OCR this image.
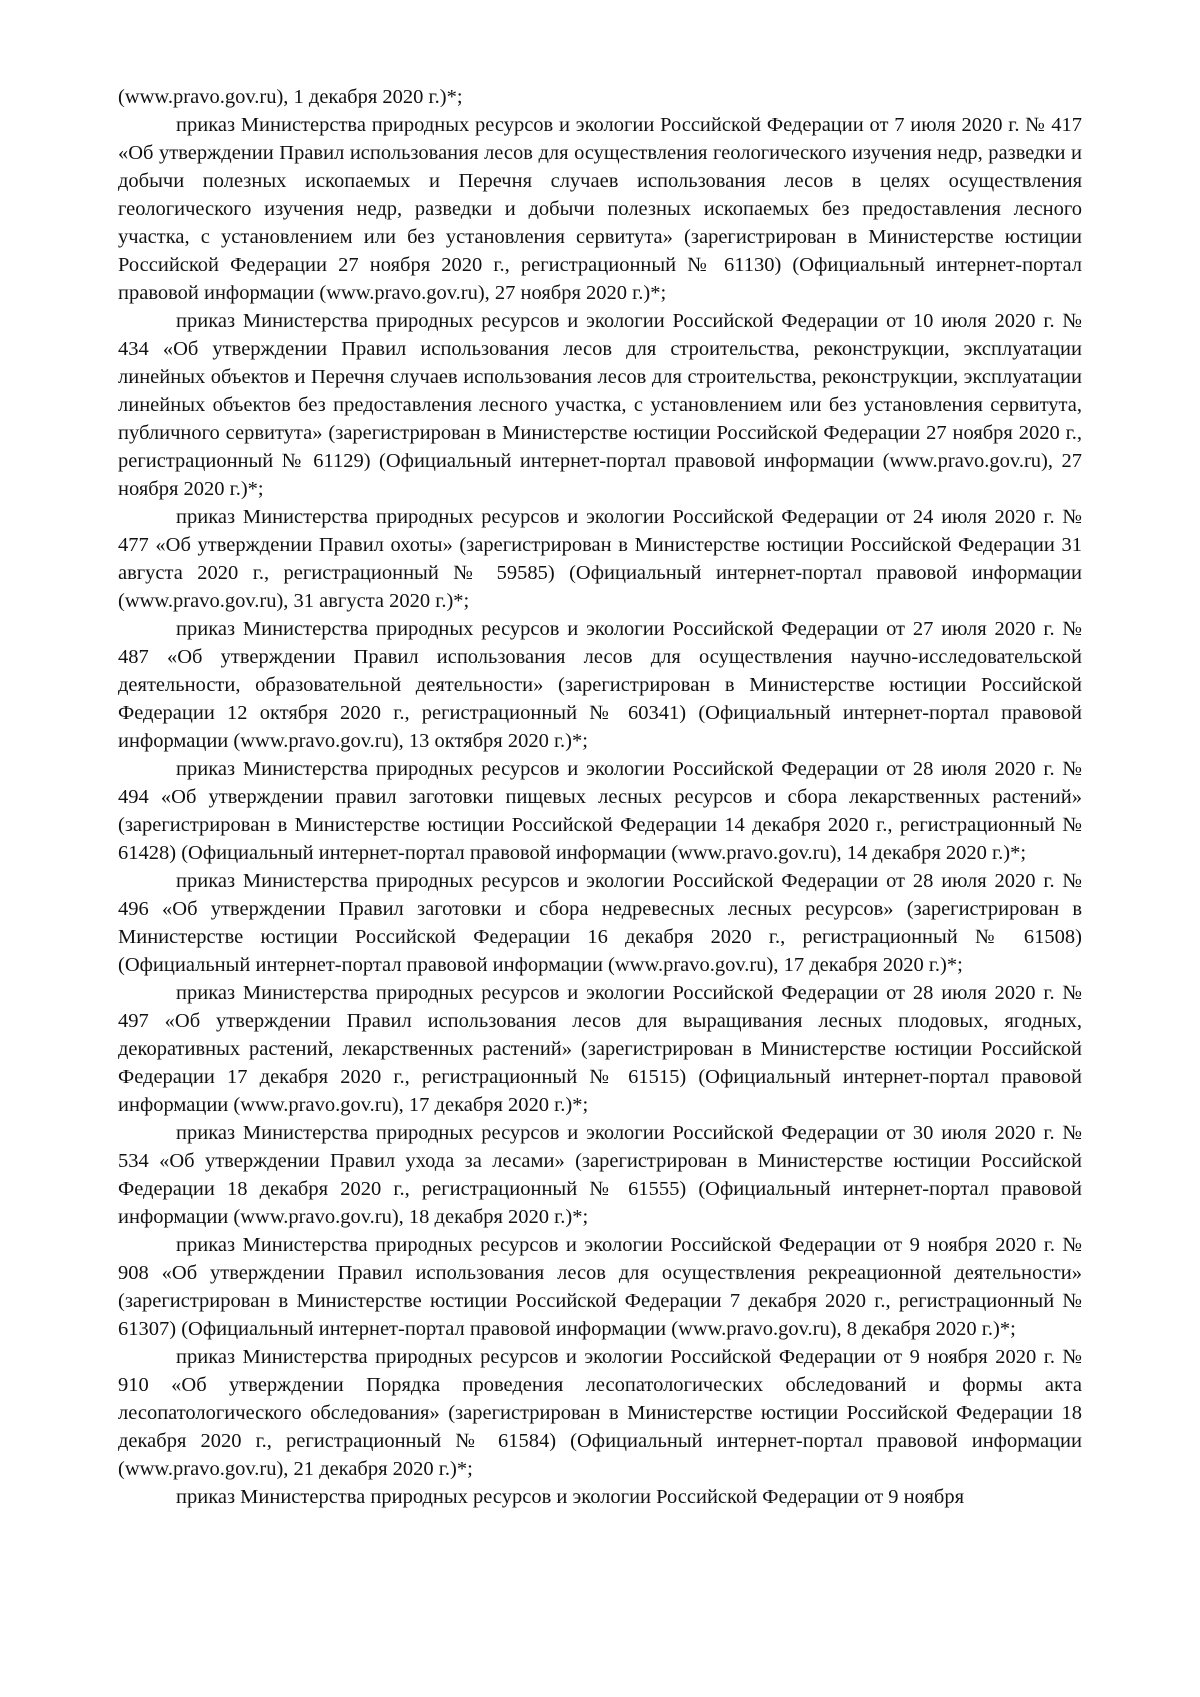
(www.pravo.gov.ru), 1 декабря 2020 г.)*;

приказ Министерства природных ресурсов и экологии Российской Федерации от 7 июля 2020 г. № 417 «Об утверждении Правил использования лесов для осуществления геологического изучения недр, разведки и добычи полезных ископаемых и Перечня случаев использования лесов в целях осуществления геологического изучения недр, разведки и добычи полезных ископаемых без предоставления лесного участка, с установлением или без установления сервитута» (зарегистрирован в Министерстве юстиции Российской Федерации 27 ноября 2020 г., регистрационный № 61130) (Официальный интернет-портал правовой информации (www.pravo.gov.ru), 27 ноября 2020 г.)*;

приказ Министерства природных ресурсов и экологии Российской Федерации от 10 июля 2020 г. № 434 «Об утверждении Правил использования лесов для строительства, реконструкции, эксплуатации линейных объектов и Перечня случаев использования лесов для строительства, реконструкции, эксплуатации линейных объектов без предоставления лесного участка, с установлением или без установления сервитута, публичного сервитута» (зарегистрирован в Министерстве юстиции Российской Федерации 27 ноября 2020 г., регистрационный № 61129) (Официальный интернет-портал правовой информации (www.pravo.gov.ru), 27 ноября 2020 г.)*;

приказ Министерства природных ресурсов и экологии Российской Федерации от 24 июля 2020 г. № 477 «Об утверждении Правил охоты» (зарегистрирован в Министерстве юстиции Российской Федерации 31 августа 2020 г., регистрационный № 59585) (Официальный интернет-портал правовой информации (www.pravo.gov.ru), 31 августа 2020 г.)*;

приказ Министерства природных ресурсов и экологии Российской Федерации от 27 июля 2020 г. № 487 «Об утверждении Правил использования лесов для осуществления научно-исследовательской деятельности, образовательной деятельности» (зарегистрирован в Министерстве юстиции Российской Федерации 12 октября 2020 г., регистрационный № 60341) (Официальный интернет-портал правовой информации (www.pravo.gov.ru), 13 октября 2020 г.)*;

приказ Министерства природных ресурсов и экологии Российской Федерации от 28 июля 2020 г. № 494 «Об утверждении правил заготовки пищевых лесных ресурсов и сбора лекарственных растений» (зарегистрирован в Министерстве юстиции Российской Федерации 14 декабря 2020 г., регистрационный № 61428) (Официальный интернет-портал правовой информации (www.pravo.gov.ru), 14 декабря 2020 г.)*;

приказ Министерства природных ресурсов и экологии Российской Федерации от 28 июля 2020 г. № 496 «Об утверждении Правил заготовки и сбора недревесных лесных ресурсов» (зарегистрирован в Министерстве юстиции Российской Федерации 16 декабря 2020 г., регистрационный № 61508) (Официальный интернет-портал правовой информации (www.pravo.gov.ru), 17 декабря 2020 г.)*;

приказ Министерства природных ресурсов и экологии Российской Федерации от 28 июля 2020 г. № 497 «Об утверждении Правил использования лесов для выращивания лесных плодовых, ягодных, декоративных растений, лекарственных растений» (зарегистрирован в Министерстве юстиции Российской Федерации 17 декабря 2020 г., регистрационный № 61515) (Официальный интернет-портал правовой информации (www.pravo.gov.ru), 17 декабря 2020 г.)*;

приказ Министерства природных ресурсов и экологии Российской Федерации от 30 июля 2020 г. № 534 «Об утверждении Правил ухода за лесами» (зарегистрирован в Министерстве юстиции Российской Федерации 18 декабря 2020 г., регистрационный № 61555) (Официальный интернет-портал правовой информации (www.pravo.gov.ru), 18 декабря 2020 г.)*;

приказ Министерства природных ресурсов и экологии Российской Федерации от 9 ноября 2020 г. № 908 «Об утверждении Правил использования лесов для осуществления рекреационной деятельности» (зарегистрирован в Министерстве юстиции Российской Федерации 7 декабря 2020 г., регистрационный № 61307) (Официальный интернет-портал правовой информации (www.pravo.gov.ru), 8 декабря 2020 г.)*;

приказ Министерства природных ресурсов и экологии Российской Федерации от 9 ноября 2020 г. № 910 «Об утверждении Порядка проведения лесопатологических обследований и формы акта лесопатологического обследования» (зарегистрирован в Министерстве юстиции Российской Федерации 18 декабря 2020 г., регистрационный № 61584) (Официальный интернет-портал правовой информации (www.pravo.gov.ru), 21 декабря 2020 г.)*;

приказ Министерства природных ресурсов и экологии Российской Федерации от 9 ноября
